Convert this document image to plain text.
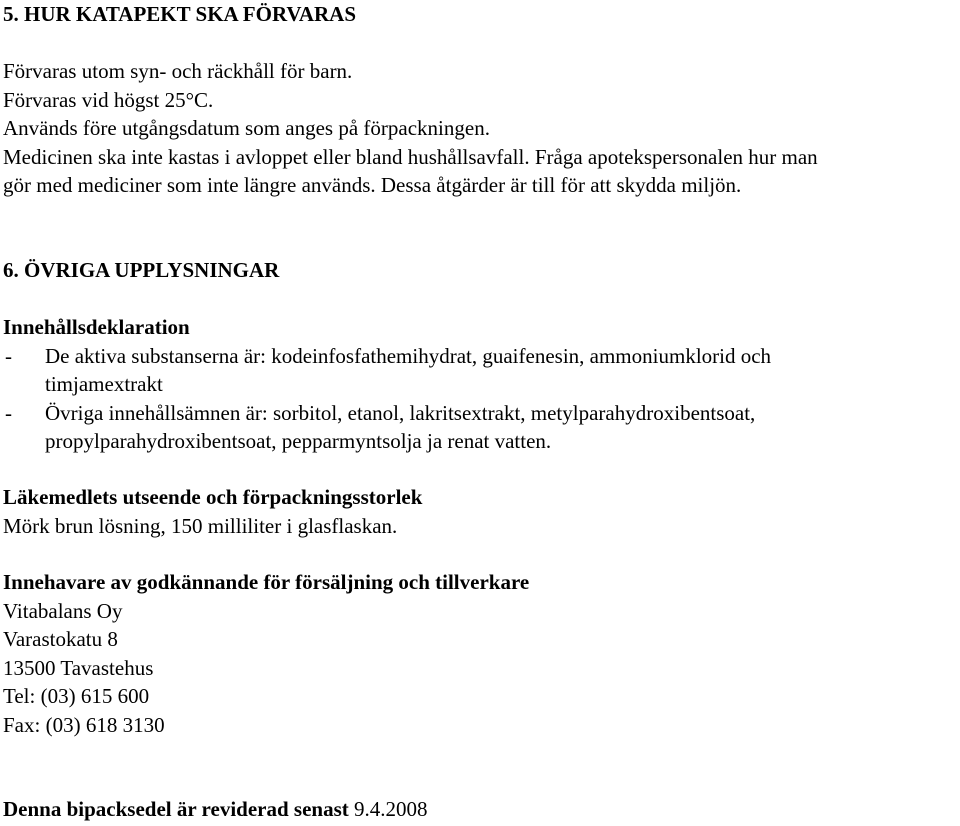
5. HUR KATAPEKT SKA FÖRVARAS

Förvaras utom syn- och räckhåll för barn.

Förvaras vid högst 25°C.

Används före utgångsdatum som anges på förpackningen.

Medicinen ska inte kastas i avloppet eller bland hushållsavfall. Fråga apotekspersonalen hur man

gör med mediciner som inte längre används. Dessa åtgärder är till för att skydda miljön.

6. ÖVRIGA UPPLYSNINGAR

Innehållsdeklaration

-	De aktiva substanserna är: kodeinfosfathemihydrat, guaifenesin, ammoniumklorid och
timjamextrakt
-	Övriga innehållsämnen är: sorbitol, etanol, lakritsextrakt, metylparahydroxibentsoat,
propylparahydroxibentsoat, pepparmyntsolja ja renat vatten.

Läkemedlets utseende och förpackningsstorlek

Mörk brun lösning, 150 milliliter i glasflaskan.

Innehavare av godkännande för försäljning och tillverkare

Vitabalans Oy

Varastokatu 8

13500 Tavastehus

Tel: (03) 615 600

Fax: (03) 618 3130

Denna bipacksedel är reviderad senast 9.4.2008
